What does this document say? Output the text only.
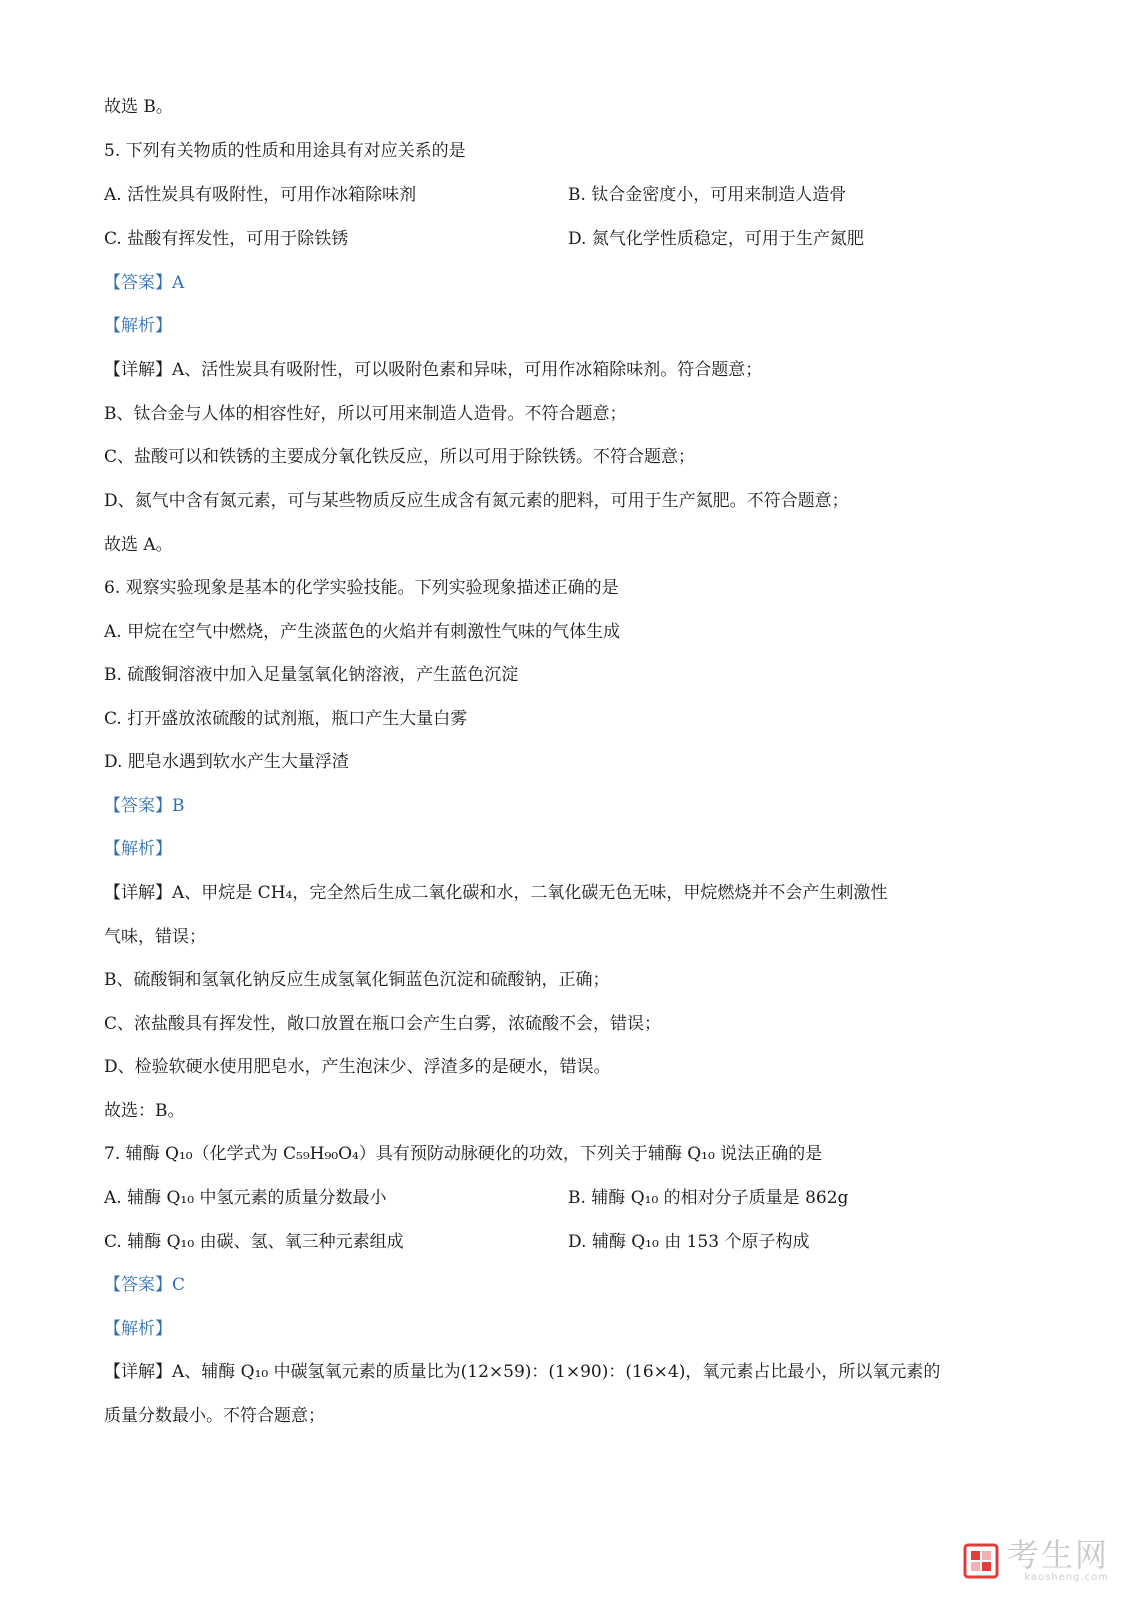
故选 B。
5. 下列有关物质的性质和用途具有对应关系的是
A. 活性炭具有吸附性，可用作冰箱除味剂	B. 钛合金密度小，可用来制造人造骨
C. 盐酸有挥发性，可用于除铁锈	D. 氮气化学性质稳定，可用于生产氮肥
【答案】A
【解析】
【详解】A、活性炭具有吸附性，可以吸附色素和异味，可用作冰箱除味剂。符合题意；
B、钛合金与人体的相容性好，所以可用来制造人造骨。不符合题意；
C、盐酸可以和铁锈的主要成分氧化铁反应，所以可用于除铁锈。不符合题意；
D、氮气中含有氮元素，可与某些物质反应生成含有氮元素的肥料，可用于生产氮肥。不符合题意；
故选 A。
6. 观察实验现象是基本的化学实验技能。下列实验现象描述正确的是
A. 甲烷在空气中燃烧，产生淡蓝色的火焰并有刺激性气味的气体生成
B. 硫酸铜溶液中加入足量氢氧化钠溶液，产生蓝色沉淀
C. 打开盛放浓硫酸的试剂瓶，瓶口产生大量白雾
D. 肥皂水遇到软水产生大量浮渣
【答案】B
【解析】
【详解】A、甲烷是 CH₄，完全然后生成二氧化碳和水，二氧化碳无色无味，甲烷燃烧并不会产生刺激性
气味，错误；
B、硫酸铜和氢氧化钠反应生成氢氧化铜蓝色沉淀和硫酸钠，正确；
C、浓盐酸具有挥发性，敞口放置在瓶口会产生白雾，浓硫酸不会，错误；
D、检验软硬水使用肥皂水，产生泡沫少、浮渣多的是硬水，错误。
故选：B。
7. 辅酶 Q₁₀（化学式为 C₅₉H₉₀O₄）具有预防动脉硬化的功效，下列关于辅酶 Q₁₀ 说法正确的是
A. 辅酶 Q₁₀ 中氢元素的质量分数最小	B. 辅酶 Q₁₀ 的相对分子质量是 862g
C. 辅酶 Q₁₀ 由碳、氢、氧三种元素组成	D. 辅酶 Q₁₀ 由 153 个原子构成
【答案】C
【解析】
【详解】A、辅酶 Q₁₀ 中碳氢氧元素的质量比为(12×59)：(1×90)：(16×4)，氧元素占比最小，所以氧元素的
质量分数最小。不符合题意；
考生网
kaosheng.com
